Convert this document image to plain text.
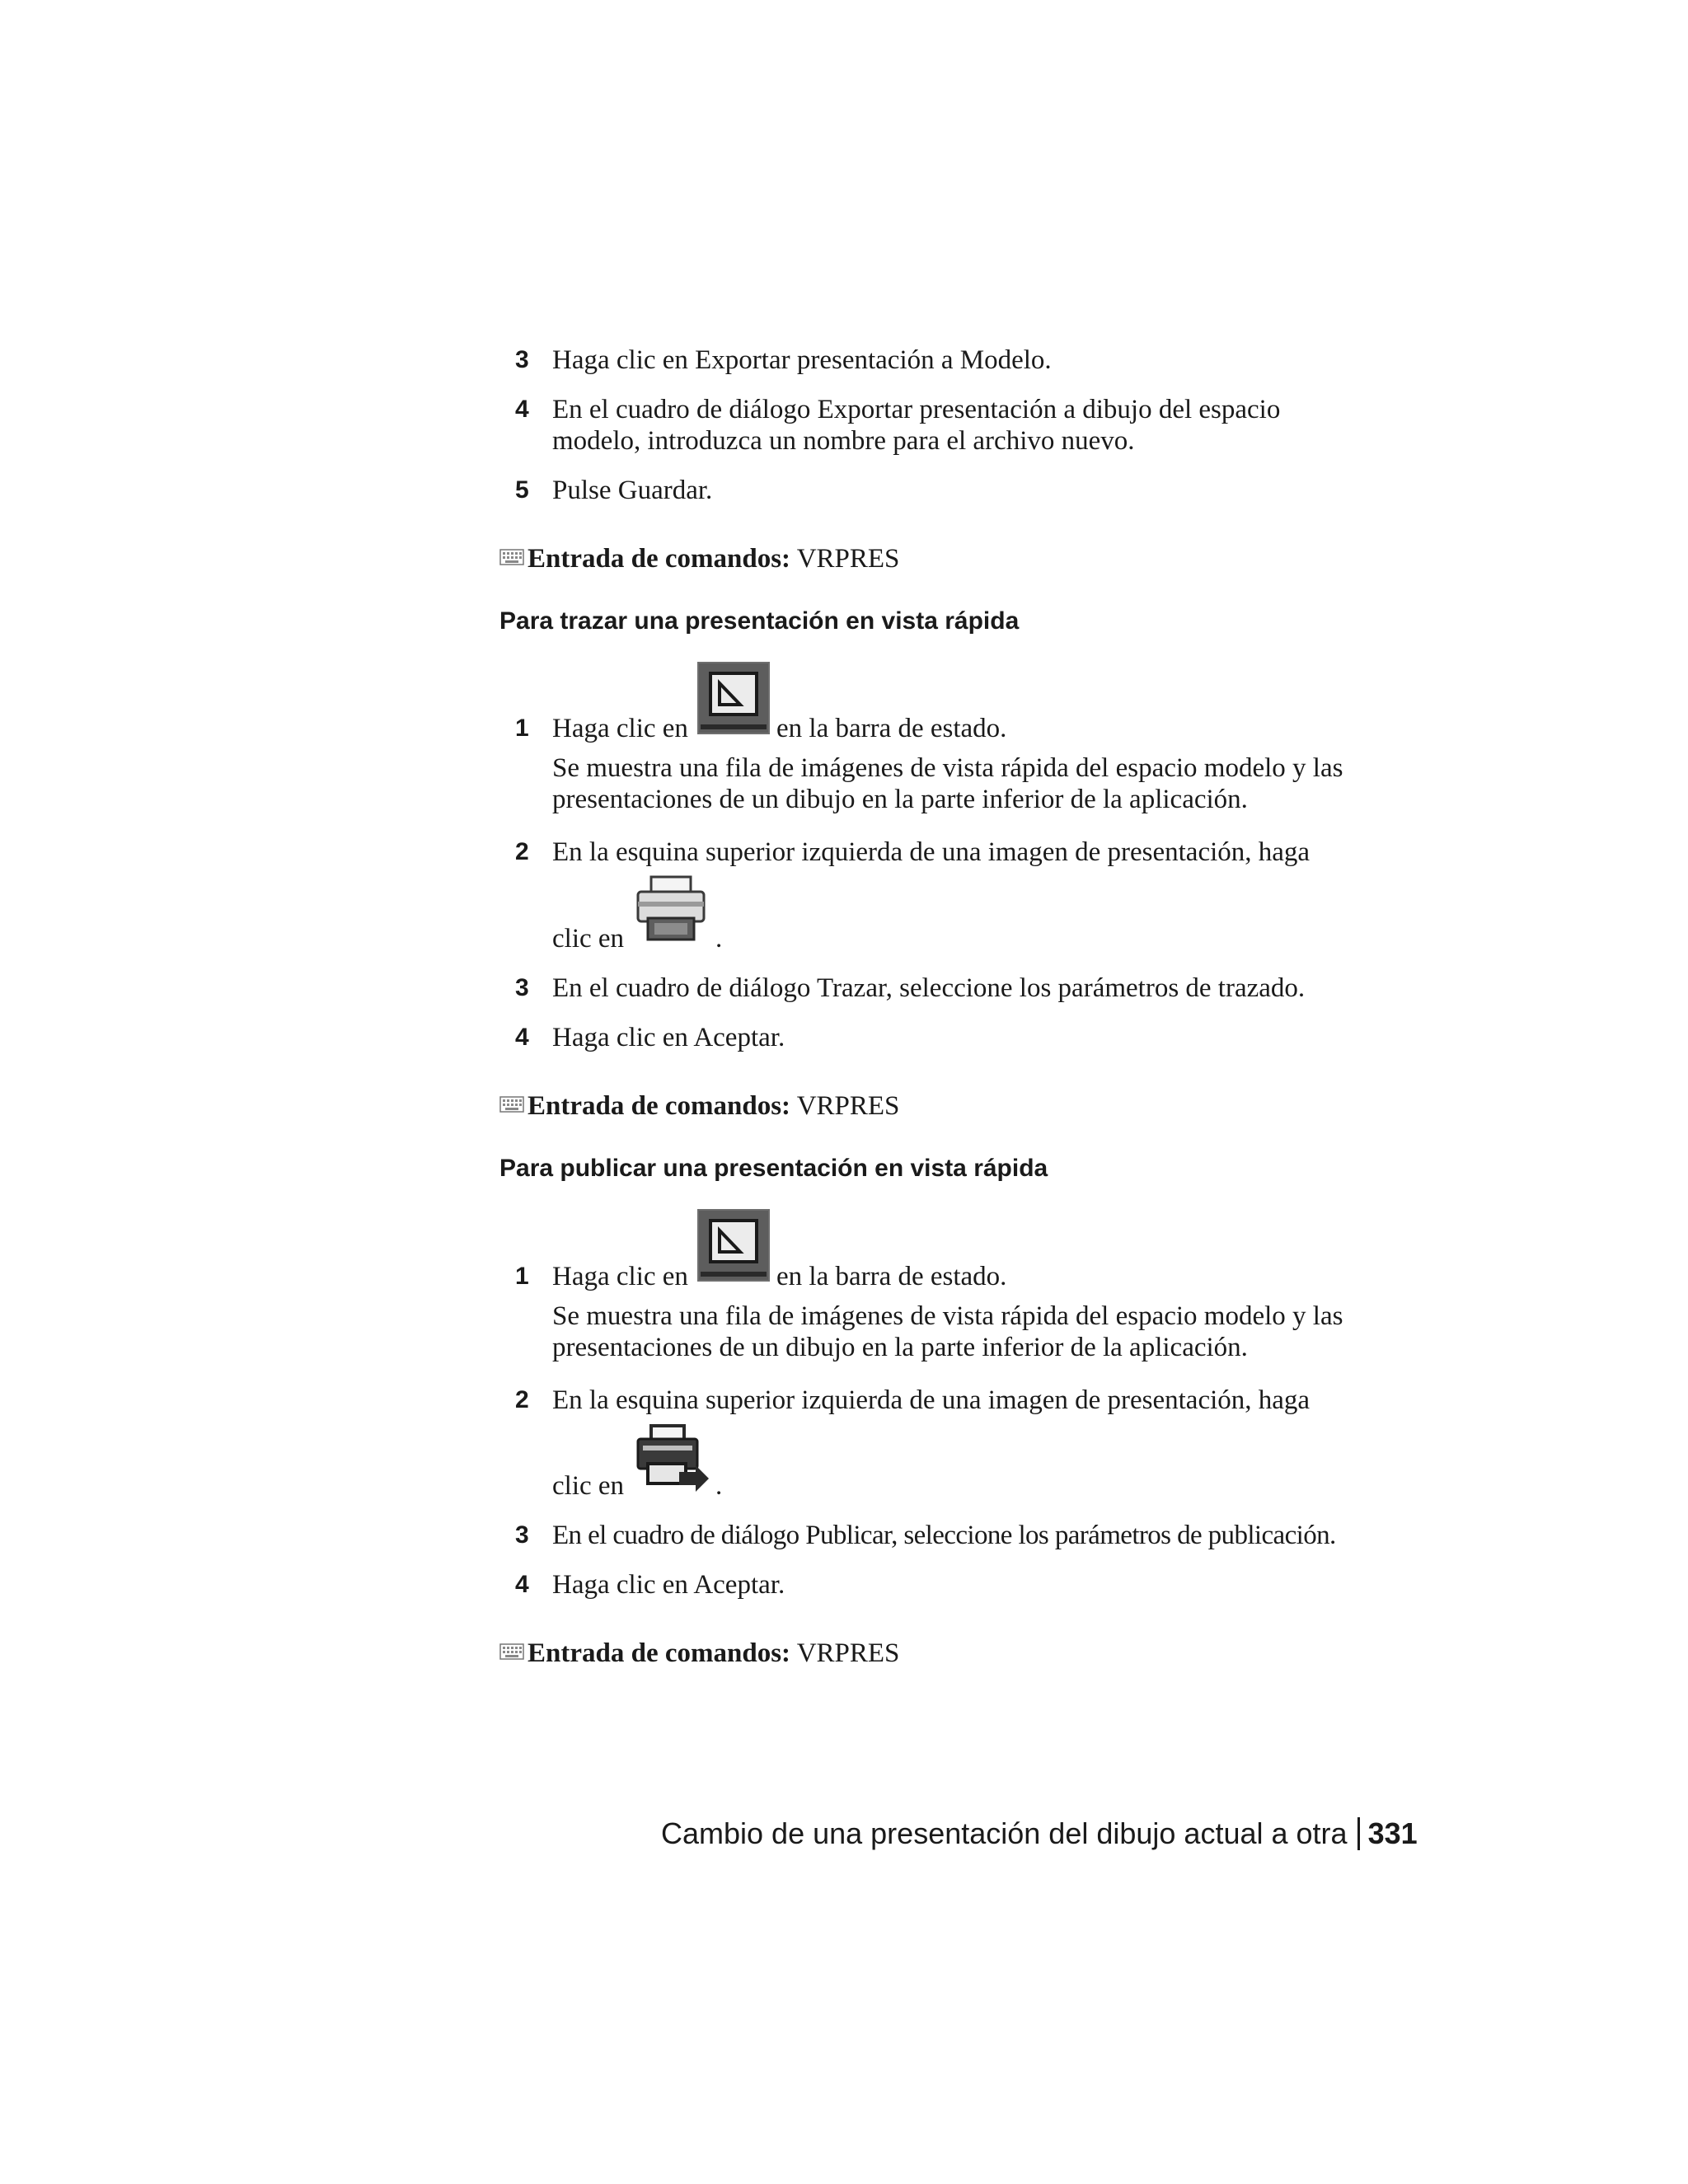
3 Haga clic en Exportar presentación a Modelo.
4 En el cuadro de diálogo Exportar presentación a dibujo del espacio
modelo, introduzca un nombre para el archivo nuevo.
5 Pulse Guardar.
Entrada de comandos: VRPRES
Para trazar una presentación en vista rápida
1 Haga clic en	en la barra de estado.
Se muestra una fila de imágenes de vista rápida del espacio modelo y las
presentaciones de un dibujo en la parte inferior de la aplicación.
2 En la esquina superior izquierda de una imagen de presentación, haga
clic en	.
3 En el cuadro de diálogo Trazar, seleccione los parámetros de trazado.
4 Haga clic en Aceptar.
Entrada de comandos: VRPRES
Para publicar una presentación en vista rápida
1 Haga clic en	en la barra de estado.
Se muestra una fila de imágenes de vista rápida del espacio modelo y las
presentaciones de un dibujo en la parte inferior de la aplicación.
2 En la esquina superior izquierda de una imagen de presentación, haga
clic en	.
3 En el cuadro de diálogo Publicar, seleccione los parámetros de publicación.
4 Haga clic en Aceptar.
Entrada de comandos: VRPRES
Cambio de una presentación del dibujo actual a otra 331
